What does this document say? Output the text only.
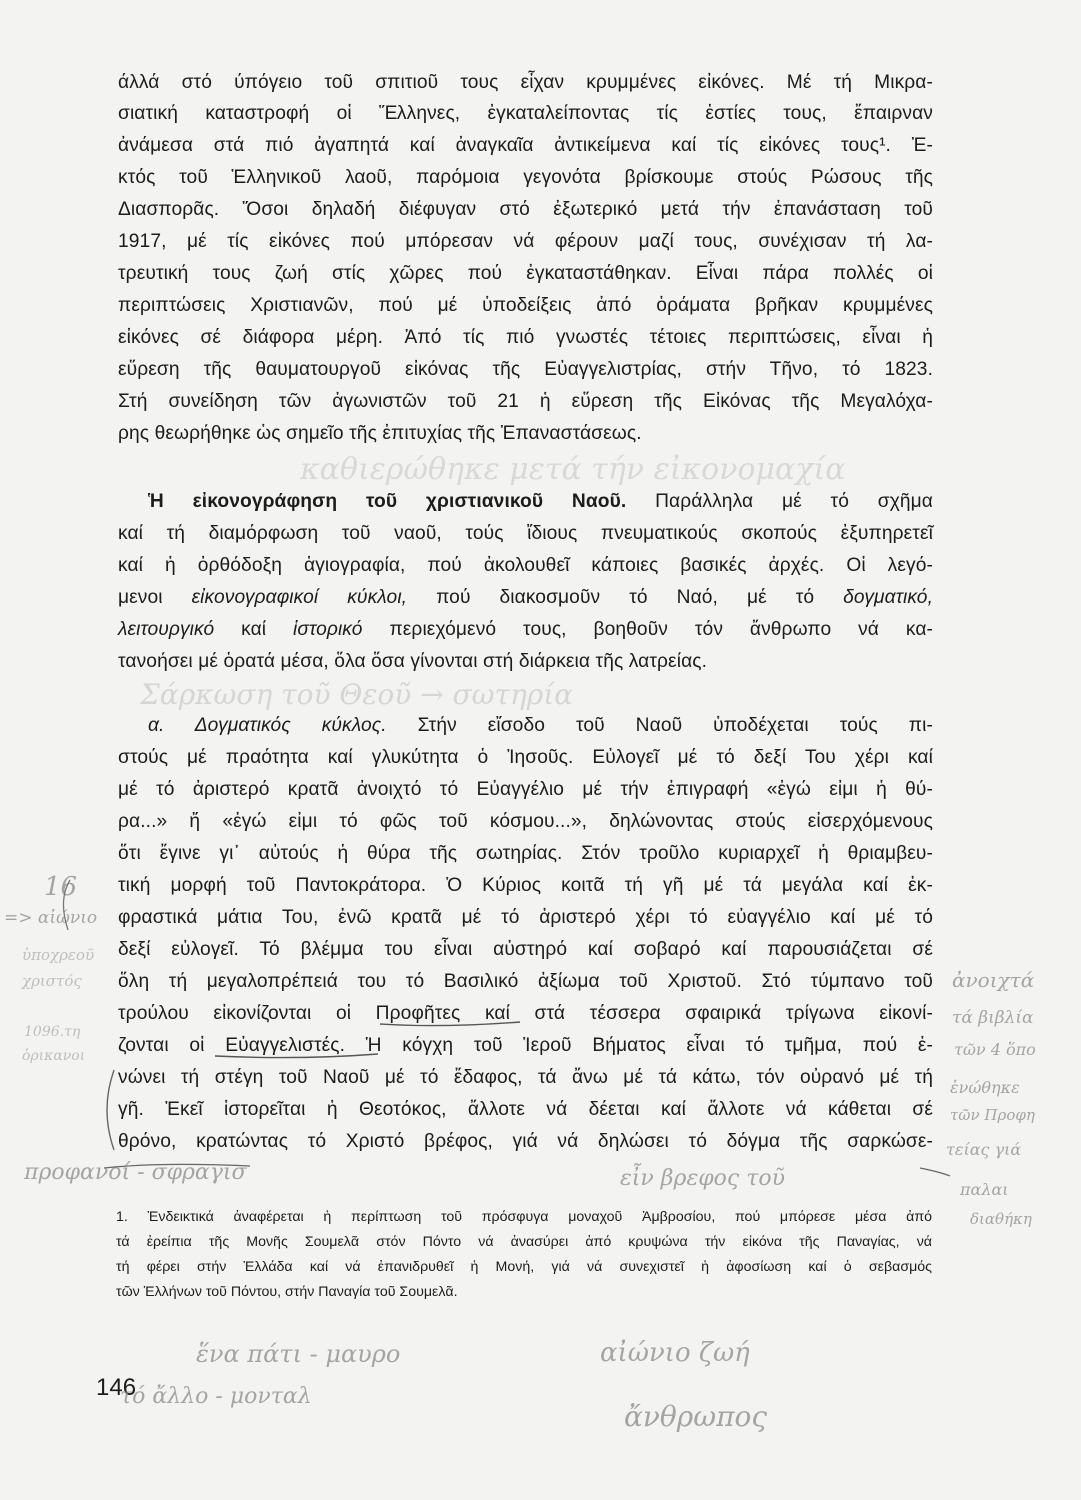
άλλά στό ύπόγειο τοῦ σπιτιοῦ τους εἶχαν κρυμμένες εἰκόνες. Μέ τή Μικρα-
σιατική καταστροφή οἱ Ἕλληνες, ἐγκαταλείποντας τίς ἑστίες τους, ἔπαιρναν
ἀνάμεσα στά πιό ἀγαπητά καί ἀναγκαῖα ἀντικείμενα καί τίς εἰκόνες τους¹. Ἐ-
κτός τοῦ Ἑλληνικοῦ λαοῦ, παρόμοια γεγονότα βρίσκουμε στούς Ρώσους τῆς
Διασπορᾶς. Ὅσοι δηλαδή διέφυγαν στό ἐξωτερικό μετά τήν ἐπανάσταση τοῦ
1917, μέ τίς εἰκόνες πού μπόρεσαν νά φέρουν μαζί τους, συνέχισαν τή λα-
τρευτική τους ζωή στίς χῶρες πού ἐγκαταστάθηκαν. Εἶναι πάρα πολλές οἱ
περιπτώσεις Χριστιανῶν, πού μέ ὑποδείξεις ἀπό ὁράματα βρῆκαν κρυμμένες
εἰκόνες σέ διάφορα μέρη. Ἀπό τίς πιό γνωστές τέτοιες περιπτώσεις, εἶναι ἡ
εὕρεση τῆς θαυματουργοῦ εἰκόνας τῆς Εὐαγγελιστρίας, στήν Τῆνο, τό 1823.
Στή συνείδηση τῶν ἀγωνιστῶν τοῦ 21 ἡ εὕρεση τῆς Εἰκόνας τῆς Μεγαλόχα-
ρης θεωρήθηκε ὡς σημεῖο τῆς ἐπιτυχίας τῆς Ἐπαναστάσεως.
Ἡ εἰκονογράφηση τοῦ χριστιανικοῦ Ναοῦ. Παράλληλα μέ τό σχῆμα
καί τή διαμόρφωση τοῦ ναοῦ, τούς ἴδιους πνευματικούς σκοπούς ἐξυπηρετεῖ
καί ἡ ὀρθόδοξη ἁγιογραφία, πού ἀκολουθεῖ κάποιες βασικές ἀρχές. Οἱ λεγό-
μενοι εἰκονογραφικοί κύκλοι, πού διακοσμοῦν τό Ναό, μέ τό δογματικό,
λειτουργικό καί ἱστορικό περιεχόμενό τους, βοηθοῦν τόν ἄνθρωπο νά κα-
τανοήσει μέ ὁρατά μέσα, ὅλα ὅσα γίνονται στή διάρκεια τῆς λατρείας.
α. Δογματικός κύκλος. Στήν εἴσοδο τοῦ Ναοῦ ὑποδέχεται τούς πι-
στούς μέ πραότητα καί γλυκύτητα ὁ Ἰησοῦς. Εὐλογεῖ μέ τό δεξί Του χέρι καί
μέ τό ἀριστερό κρατᾶ ἀνοιχτό τό Εὐαγγέλιο μέ τήν ἐπιγραφή «ἐγώ εἰμι ἡ θύ-
ρα...» ἤ «ἐγώ εἰμι τό φῶς τοῦ κόσμου...», δηλώνοντας στούς εἰσερχόμενους
ὅτι ἔγινε γι᾽ αὐτούς ἡ θύρα τῆς σωτηρίας. Στόν τροῦλο κυριαρχεῖ ἡ θριαμβευ-
τική μορφή τοῦ Παντοκράτορα. Ὁ Κύριος κοιτᾶ τή γῆ μέ τά μεγάλα καί ἐκ-
φραστικά μάτια Του, ἐνῶ κρατᾶ μέ τό ἀριστερό χέρι τό εὐαγγέλιο καί μέ τό
δεξί εὐλογεῖ. Τό βλέμμα του εἶναι αὐστηρό καί σοβαρό καί παρουσιάζεται σέ
ὅλη τή μεγαλοπρέπειά του τό Βασιλικό ἀξίωμα τοῦ Χριστοῦ. Στό τύμπανο τοῦ
τρούλου εἰκονίζονται οἱ Προφῆτες καί στά τέσσερα σφαιρικά τρίγωνα εἰκονί-
ζονται οἱ Εὐαγγελιστές. Ἡ κόγχη τοῦ Ἱεροῦ Βήματος εἶναι τό τμῆμα, πού ἑ-
νώνει τή στέγη τοῦ Ναοῦ μέ τό ἔδαφος, τά ἄνω μέ τά κάτω, τόν οὐρανό μέ τή
γῆ. Ἐκεῖ ἱστορεῖται ἡ Θεοτόκος, ἄλλοτε νά δέεται καί ἄλλοτε νά κάθεται σέ
θρόνο, κρατώντας τό Χριστό βρέφος, γιά νά δηλώσει τό δόγμα τῆς σαρκώσε-
1. Ἐνδεικτικά ἀναφέρεται ἡ περίπτωση τοῦ πρόσφυγα μοναχοῦ Ἀμβροσίου, πού μπόρεσε μέσα ἀπό
τά ἐρείπια τῆς Μονῆς Σουμελᾶ στόν Πόντο νά ἀνασύρει ἀπό κρυψώνα τήν εἰκόνα τῆς Παναγίας, νά
τή φέρει στήν Ἑλλάδα καί νά ἐπανιδρυθεῖ ἡ Μονή, γιά νά συνεχιστεῖ ἡ ἀφοσίωση καί ὁ σεβασμός
τῶν Ἑλλήνων τοῦ Πόντου, στήν Παναγία τοῦ Σουμελᾶ.
146
καθιερώθηκε μετά τήν εἰκονομαχία
Σάρκωση τοῦ Θεοῦ → σωτηρία
16
=> αἰώνιο
ὑποχρεοῦ
χριστός
1096.τη
ὁρικανοι
ἀνοιχτά
τά βιβλία
τῶν 4 ὅπο
ἑνώθηκε
τῶν Προφη
τείας γιά
παλαι
διαθήκη
προφανοί - σφραγισ	εἶν βρεφος τοῦ
ἕνα πάτι - μαυρο
τό ἄλλο - μονταλ
αἰώνιο ζωή
ἄνθρωπος
